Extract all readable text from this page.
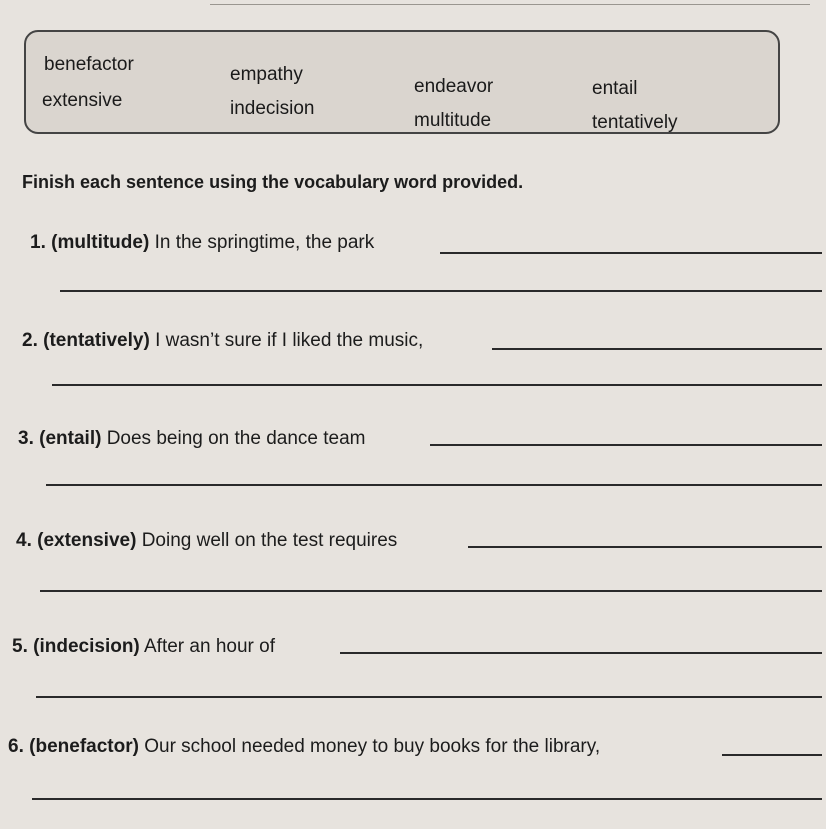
benefactor	empathy
endeavor	entail
extensive	indecision
multitude	tentatively
Finish each sentence using the vocabulary word provided.
1. (multitude) In the springtime, the park
2. (tentatively) I wasn’t sure if I liked the music,
3. (entail) Does being on the dance team
4. (extensive) Doing well on the test requires
5. (indecision) After an hour of
6. (benefactor) Our school needed money to buy books for the library,
